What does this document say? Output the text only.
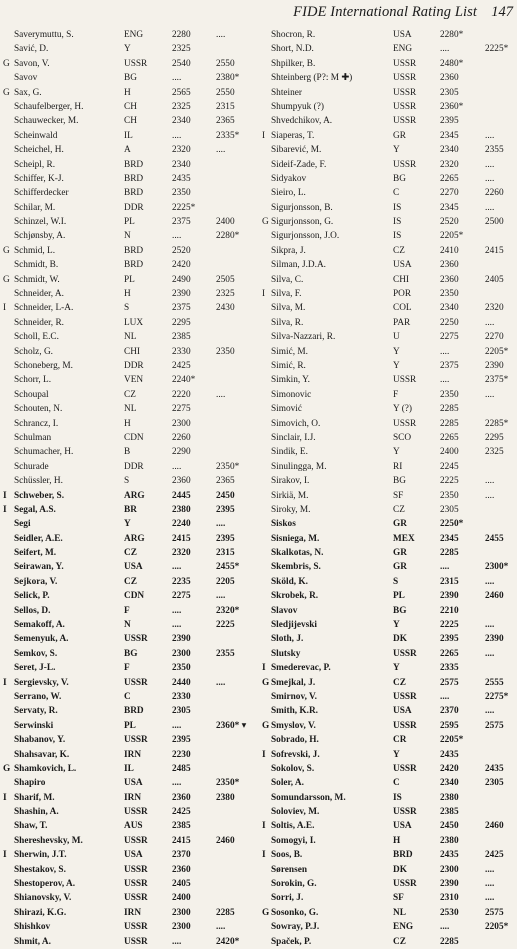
FIDE International Rating List 147
Saverymuttu, S.	ENG	2280	....
Savić, D.	Y	2325
G Savon, V.	USSR	2540	2550
Savov	BG	....	2380*
G Sax, G.	H	2565	2550
Schaufelberger, H.	CH	2325	2315
Schauwecker, M.	CH	2340	2365
Scheinwald	IL	....	2335*
Scheichel, H.	A	2320	....
Scheipl, R.	BRD	2340
Schiffer, K-J.	BRD	2435
Schifferdecker	BRD	2350
Schilar, M.	DDR	2225*
Schinzel, W.I.	PL	2375	2400
Schjønsby, A.	N	....	2280*
G Schmid, L.	BRD	2520
Schmidt, B.	BRD	2420
G Schmidt, W.	PL	2490	2505
Schneider, A.	H	2390	2325
I Schneider, L-A.	S	2375	2430
Schneider, R.	LUX	2295
Scholl, E.C.	NL	2385
Scholz, G.	CHI	2330	2350
Schoneberg, M.	DDR	2425
Schorr, L.	VEN	2240*
Schoupal	CZ	2220	....
Schouten, N.	NL	2275
Schrancz, I.	H	2300
Schulman	CDN	2260
Schumacher, H.	B	2290
Schurade	DDR	....	2350*
Schüssler, H.	S	2360	2365
I Schweber, S.	ARG	2445	2450
I Segal, A.S.	BR	2380	2395
Segi	Y	2240	....
Seidler, A.E.	ARG	2415	2395
Seifert, M.	CZ	2320	2315
Seirawan, Y.	USA	....	2455*
Sejkora, V.	CZ	2235	2205
Selick, P.	CDN	2275	....
Sellos, D.	F	....	2320*
Semakoff, A.	N	....	2225
Semenyuk, A.	USSR	2390
Semkov, S.	BG	2300	2355
Seret, J-L.	F	2350
I Sergievsky, V.	USSR	2440	....
Serrano, W.	C	2330
Servaty, R.	BRD	2305
Serwinski	PL	....	2360* ▾
Shabanov, Y.	USSR	2395
Shahsavar, K.	IRN	2230
G Shamkovich, L.	IL	2485
Shapiro	USA	....	2350*
I Sharif, M.	IRN	2360	2380
Shashin, A.	USSR	2425
Shaw, T.	AUS	2385
Shereshevsky, M.	USSR	2415	2460
I Sherwin, J.T.	USA	2370
Shestakov, S.	USSR	2360
Shestoperov, A.	USSR	2405
Shianovsky, V.	USSR	2400
Shirazi, K.G.	IRN	2300	2285
Shishkov	USSR	2300	....
Shmit, A.	USSR	....	2420*
Shocron, R.	USA	2280*
Short, N.D.	ENG	....	2225*
Shpilker, B.	USSR	2480*
Shteinberg (P?: M ✚)	USSR	2360
Shteiner	USSR	2305
Shumpyuk (?)	USSR	2360*
Shvedchikov, A.	USSR	2395
I Siaperas, T.	GR	2345	....
Sibarević, M.	Y	2340	2355
Sideif-Zade, F.	USSR	2320	....
Sidyakov	BG	2265	....
Sieiro, L.	C	2270	2260
Sigurjonsson, B.	IS	2345	....
G Sigurjonsson, G.	IS	2520	2500
Sigurjonsson, J.O.	IS	2205*
Sikpra, J.	CZ	2410	2415
Silman, J.D.A.	USA	2360
Silva, C.	CHI	2360	2405
I Silva, F.	POR	2350
Silva, M.	COL	2340	2320
Silva, R.	PAR	2250	....
Silva-Nazzari, R.	U	2275	2270
Simić, M.	Y	....	2205*
Simić, R.	Y	2375	2390
Simkin, Y.	USSR	....	2375*
Simonovic	F	2350	....
Simović	Y (?)	2285
Simovich, O.	USSR	2285	2285*
Sinclair, I.J.	SCO	2265	2295
Sindik, E.	Y	2400	2325
Sinulingga, M.	RI	2245
Sirakov, I.	BG	2225	....
Sirkiä, M.	SF	2350	....
Siroky, M.	CZ	2305
Siskos	GR	2250*
Sisniega, M.	MEX	2345	2455
Skalkotas, N.	GR	2285
Skembris, S.	GR	....	2300*
Sköld, K.	S	2315	....
Skrobek, R.	PL	2390	2460
Slavov	BG	2210
Sledjijevski	Y	2225	....
Sloth, J.	DK	2395	2390
Slutsky	USSR 2265	....
I Smederevac, P.	Y	2335
G Smejkal, J.	CZ	2575	2555
Smirnov, V.	USSR ....	2275*
Smith, K.R.	USA	2370	....
G Smyslov, V.	USSR 2595	2575
Sobrado, H.	CR	2205*
I Sofrevski, J.	Y	2435
Sokolov, S.	USSR 2420	2435
Soler, A.	C	2340	2305
Somundarsson, M.	IS	2380
Soloviev, M.	USSR 2385
I Soltis, A.E.	USA	2450	2460
Somogyi, I.	H	2380
I Soos, B.	BRD	2435	2425
Sørensen	DK	2300	....
Sorokin, G.	USSR 2390	....
Sorri, J.	SF	2310	....
G Sosonko, G.	NL	2530	2575
Sowray, P.J.	ENG	....	2205*
Spaček, P.	CZ	2285
